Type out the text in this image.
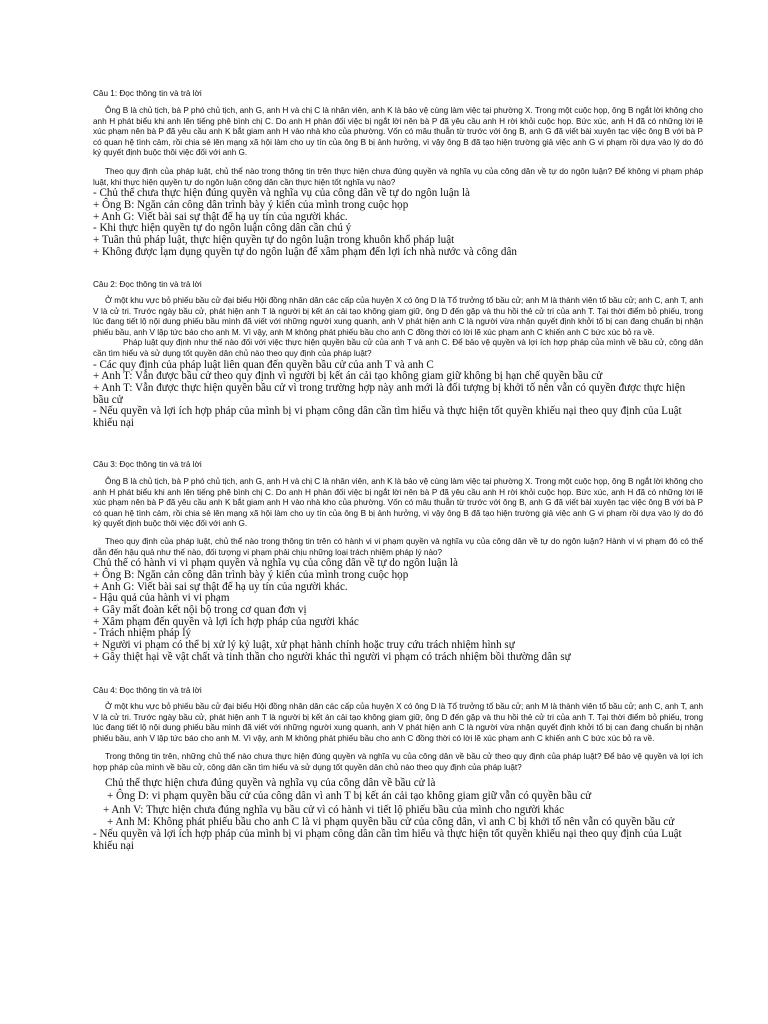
Câu 1: Đọc thông tin và trả lời

Ông B là chủ tịch, bà P phó chủ tịch, anh G, anh H và chị C là nhân viên, anh K là bảo vệ cùng làm việc tại phường X. Trong một cuộc họp, ông B ngắt lời không cho anh H phát biểu khi anh lên tiếng phê bình chị C. Do anh H phản đối việc bị ngắt lời nên bà P đã yêu cầu anh H rời khỏi cuộc họp. Bức xúc, anh H đã có những lời lẽ xúc phạm nên bà P đã yêu cầu anh K bắt giam anh H vào nhà kho của phường. Vốn có mâu thuẫn từ trước với ông B, anh G đã viết bài xuyên tạc việc ông B với bà P có quan hệ tình cảm, rồi chia sẻ lên mạng xã hội làm cho uy tín của ông B bị ảnh hưởng, vì vậy ông B đã tạo hiện trường giả việc anh G vi phạm rồi dựa vào lý do đó ký quyết định buộc thôi việc đối với anh G.

Theo quy định của pháp luật, chủ thể nào trong thông tin trên thực hiện chưa đúng quyền và nghĩa vụ của công dân về tự do ngôn luận? Để không vi phạm pháp luật, khi thực hiện quyền tự do ngôn luận công dân cần thực hiện tốt nghĩa vụ nào?

- Chủ thể chưa thực hiện đúng quyền và nghĩa vụ của công dân về tự do ngôn luận là

+ Ông B: Ngăn cản công dân trình bày ý kiến của mình trong cuộc họp

+ Anh G: Viết bài sai sự thật để hạ uy tín của người khác.

- Khi thực hiện quyền tự do ngôn luận công dân cần chú ý

+ Tuân thủ pháp luật, thực hiện quyền tự do ngôn luận trong khuôn khổ pháp luật

+ Không được lạm dụng quyền tự do ngôn luận để xâm phạm đến lợi ích nhà nước và công dân

Câu 2: Đọc thông tin và trả lời

Ở một khu vực bỏ phiếu bầu cử đại biểu Hội đồng nhân dân các cấp của huyện X có ông D là Tổ trưởng tổ bầu cử; anh M là thành viên tổ bầu cử; anh C, anh T, anh V là cử tri. Trước ngày bầu cử, phát hiện anh T là người bị kết án cải tạo không giam giữ, ông D đến gặp và thu hồi thẻ cử tri của anh T. Tại thời điểm bỏ phiếu, trong lúc đang tiết lộ nội dung phiếu bầu mình đã viết với những người xung quanh, anh V phát hiện anh C là người vừa nhận quyết định khởi tố bị can đang chuẩn bị nhận phiếu bầu, anh V lập tức báo cho anh M. Vì vậy, anh M không phát phiếu bầu cho anh C đồng thời có lời lẽ xúc phạm anh C khiến anh C bức xúc bỏ ra về.

Pháp luật quy định như thế nào đối với việc thực hiện quyền bầu cử của anh T và anh C. Để bảo vệ quyền và lợi ích hợp pháp của mình về bầu cử, công dân cần tìm hiểu và sử dụng tốt quyền dân chủ nào theo quy định của pháp luật?

- Các quy định của pháp luật liên quan đến quyền bầu cử của anh T và anh C

+ Anh T: Vẫn được bầu cử theo quy định vì người bị kết án cải tạo không giam giữ không bị hạn chế quyền bầu cử

+ Anh T: Vẫn được thực hiện quyền bầu cử vì trong trường hợp này anh mới là đối tượng bị khởi tố nên vẫn có quyền được thực hiện bầu cử

- Nếu quyền và lợi ích hợp pháp của mình bị vi phạm công dân cần tìm hiểu và thực hiện tốt quyền khiếu nại theo quy định của Luật khiếu nại

Câu 3: Đọc thông tin và trả lời

Ông B là chủ tịch, bà P phó chủ tịch, anh G, anh H và chị C là nhân viên, anh K là bảo vệ cùng làm việc tại phường X. Trong một cuộc họp, ông B ngắt lời không cho anh H phát biểu khi anh lên tiếng phê bình chị C. Do anh H phản đối việc bị ngắt lời nên bà P đã yêu cầu anh H rời khỏi cuộc họp. Bức xúc, anh H đã có những lời lẽ xúc phạm nên bà P đã yêu cầu anh K bắt giam anh H vào nhà kho của phường. Vốn có mâu thuẫn từ trước với ông B, anh G đã viết bài xuyên tạc việc ông B với bà P có quan hệ tình cảm, rồi chia sẻ lên mạng xã hội làm cho uy tín của ông B bị ảnh hưởng, vì vậy ông B đã tạo hiện trường giả việc anh G vi phạm rồi dựa vào lý do đó ký quyết định buộc thôi việc đối với anh G.

Theo quy định của pháp luật, chủ thể nào trong thông tin trên có hành vi vi phạm quyền và nghĩa vụ của công dân về tự do ngôn luận? Hành vi vi phạm đó có thể dẫn đến hậu quả như thế nào, đối tượng vi phạm phải chịu những loại trách nhiệm pháp lý nào?

Chủ thể có hành vi vi phạm quyền và nghĩa vụ của công dân về tự do ngôn luận là

+ Ông B: Ngăn cản công dân trình bày ý kiến của mình trong cuộc họp

+ Anh G: Viết bài sai sự thật để hạ uy tín của người khác.

- Hậu quả của hành vi vi phạm

+ Gây mất đoàn kết nội bộ trong cơ quan đơn vị

+ Xâm phạm đến quyền và lợi ích hợp pháp của người khác

- Trách nhiệm pháp lý

+ Người vi phạm có thể bị xử lý kỷ luật, xử phạt hành chính hoặc truy cứu trách nhiệm hình sự

+ Gây thiệt hại về vật chất và tinh thần cho người khác thì người vi phạm có trách nhiệm bồi thường dân sự

Câu 4: Đọc thông tin và trả lời

Ở một khu vực bỏ phiếu bầu cử đại biểu Hội đồng nhân dân các cấp của huyện X có ông D là Tổ trưởng tổ bầu cử; anh M là thành viên tổ bầu cử; anh C, anh T, anh V là cử tri. Trước ngày bầu cử, phát hiện anh T là người bị kết án cải tạo không giam giữ, ông D đến gặp và thu hồi thẻ cử tri của anh T. Tại thời điểm bỏ phiếu, trong lúc đang tiết lộ nội dung phiếu bầu mình đã viết với những người xung quanh, anh V phát hiện anh C là người vừa nhận quyết định khởi tố bị can đang chuẩn bị nhận phiếu bầu, anh V lập tức báo cho anh M. Vì vậy, anh M không phát phiếu bầu cho anh C đồng thời có lời lẽ xúc phạm anh C khiến anh C bức xúc bỏ ra về.

Trong thông tin trên, những chủ thể nào chưa thực hiện đúng quyền và nghĩa vụ của công dân về bầu cử theo quy định của pháp luật? Để bảo vệ quyền và lợi ích hợp pháp của mình về bầu cử, công dân cần tìm hiểu và sử dụng tốt quyền dân chủ nào theo quy định của pháp luật?

Chủ thể thực hiện chưa đúng quyền và nghĩa vụ của công dân về bầu cử là

+ Ông D: vi phạm quyền bầu cử của công dân vì anh T bị kết án cải tạo không giam giữ vẫn có quyền bầu cử

+ Anh V: Thực hiện chưa đúng nghĩa vụ bầu cử vì có hành vi tiết lộ phiếu bầu của mình cho người khác

+ Anh M: Không phát phiếu bầu cho anh C là vi phạm quyền bầu cử của công dân, vì anh C bị khởi tố nên vẫn có quyền bầu cử

- Nếu quyền và lợi ích hợp pháp của mình bị vi phạm công dân cần tìm hiểu và thực hiện tốt quyền khiếu nại theo quy định của Luật khiếu nại
